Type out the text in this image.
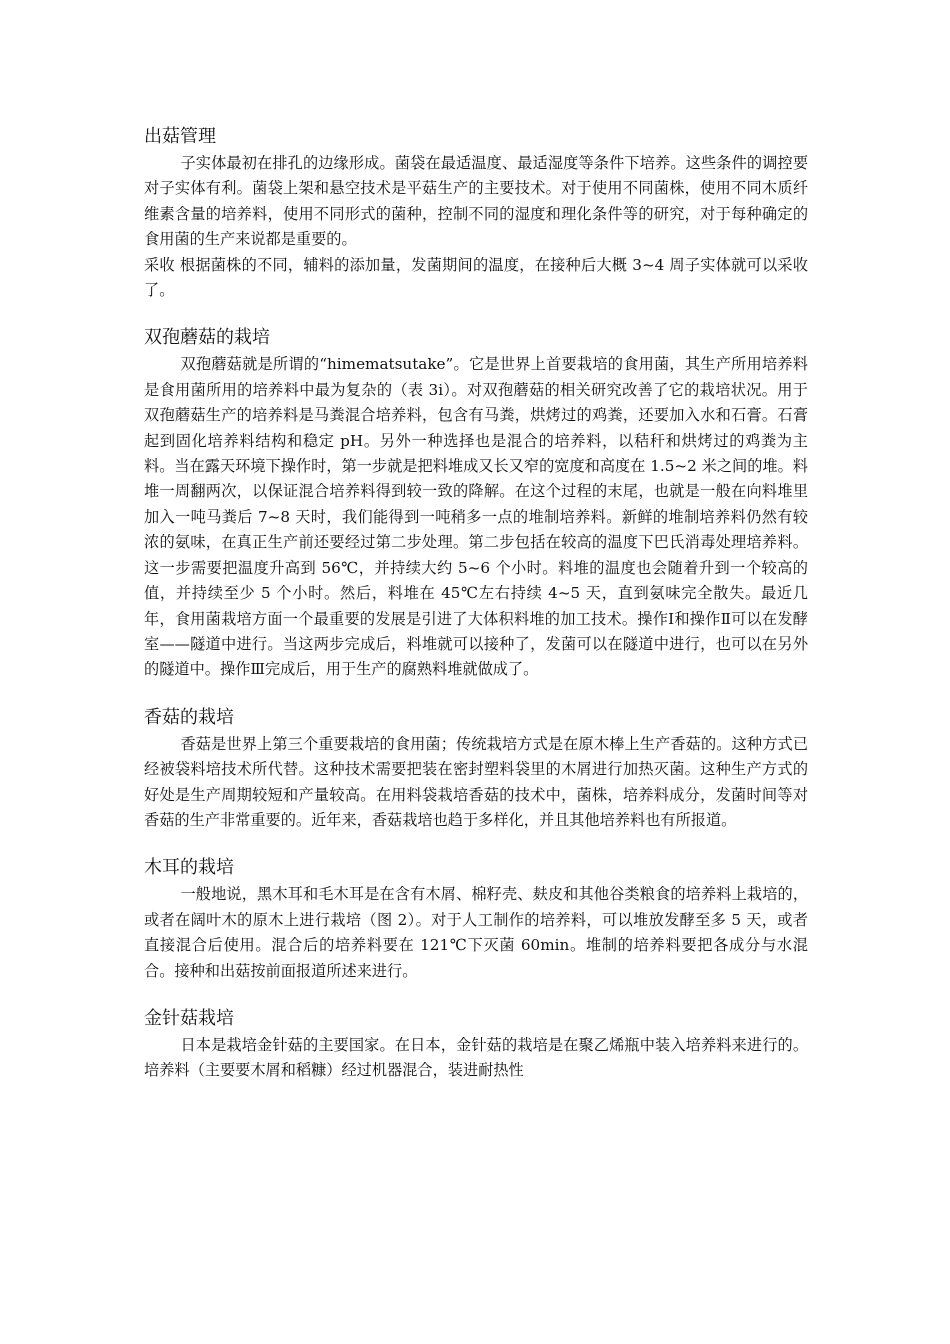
出菇管理

子实体最初在排孔的边缘形成。菌袋在最适温度、最适湿度等条件下培养。这些条件的调控要对子实体有利。菌袋上架和悬空技术是平菇生产的主要技术。对于使用不同菌株，使用不同木质纤维素含量的培养料，使用不同形式的菌种，控制不同的湿度和理化条件等的研究，对于每种确定的食用菌的生产来说都是重要的。

采收 根据菌株的不同，辅料的添加量，发菌期间的温度，在接种后大概 3~4 周子实体就可以采收了。

双孢蘑菇的栽培

双孢蘑菇就是所谓的“himematsutake”。它是世界上首要栽培的食用菌，其生产所用培养料是食用菌所用的培养料中最为复杂的（表 3i）。对双孢蘑菇的相关研究改善了它的栽培状况。用于双孢蘑菇生产的培养料是马粪混合培养料，包含有马粪，烘烤过的鸡粪，还要加入水和石膏。石膏起到固化培养料结构和稳定 pH。另外一种选择也是混合的培养料，以秸秆和烘烤过的鸡粪为主料。当在露天环境下操作时，第一步就是把料堆成又长又窄的宽度和高度在 1.5~2 米之间的堆。料堆一周翻两次，以保证混合培养料得到较一致的降解。在这个过程的末尾，也就是一般在向料堆里加入一吨马粪后 7~8 天时，我们能得到一吨稍多一点的堆制培养料。新鲜的堆制培养料仍然有较浓的氨味，在真正生产前还要经过第二步处理。第二步包括在较高的温度下巴氏消毒处理培养料。这一步需要把温度升高到 56℃，并持续大约 5~6 个小时。料堆的温度也会随着升到一个较高的值，并持续至少 5 个小时。然后，料堆在 45℃左右持续 4~5 天，直到氨味完全散失。最近几年，食用菌栽培方面一个最重要的发展是引进了大体积料堆的加工技术。操作Ⅰ和操作Ⅱ可以在发酵室——隧道中进行。当这两步完成后，料堆就可以接种了，发菌可以在隧道中进行，也可以在另外的隧道中。操作Ⅲ完成后，用于生产的腐熟料堆就做成了。

香菇的栽培

香菇是世界上第三个重要栽培的食用菌；传统栽培方式是在原木棒上生产香菇的。这种方式已经被袋料培技术所代替。这种技术需要把装在密封塑料袋里的木屑进行加热灭菌。这种生产方式的好处是生产周期较短和产量较高。在用料袋栽培香菇的技术中，菌株，培养料成分，发菌时间等对香菇的生产非常重要的。近年来，香菇栽培也趋于多样化，并且其他培养料也有所报道。

木耳的栽培

一般地说，黑木耳和毛木耳是在含有木屑、棉籽壳、麸皮和其他谷类粮食的培养料上栽培的，或者在阔叶木的原木上进行栽培（图 2）。对于人工制作的培养料，可以堆放发酵至多 5 天，或者直接混合后使用。混合后的培养料要在 121℃下灭菌 60min。堆制的培养料要把各成分与水混合。接种和出菇按前面报道所述来进行。

金针菇栽培

日本是栽培金针菇的主要国家。在日本，金针菇的栽培是在聚乙烯瓶中装入培养料来进行的。培养料（主要要木屑和稻糠）经过机器混合，装进耐热性
